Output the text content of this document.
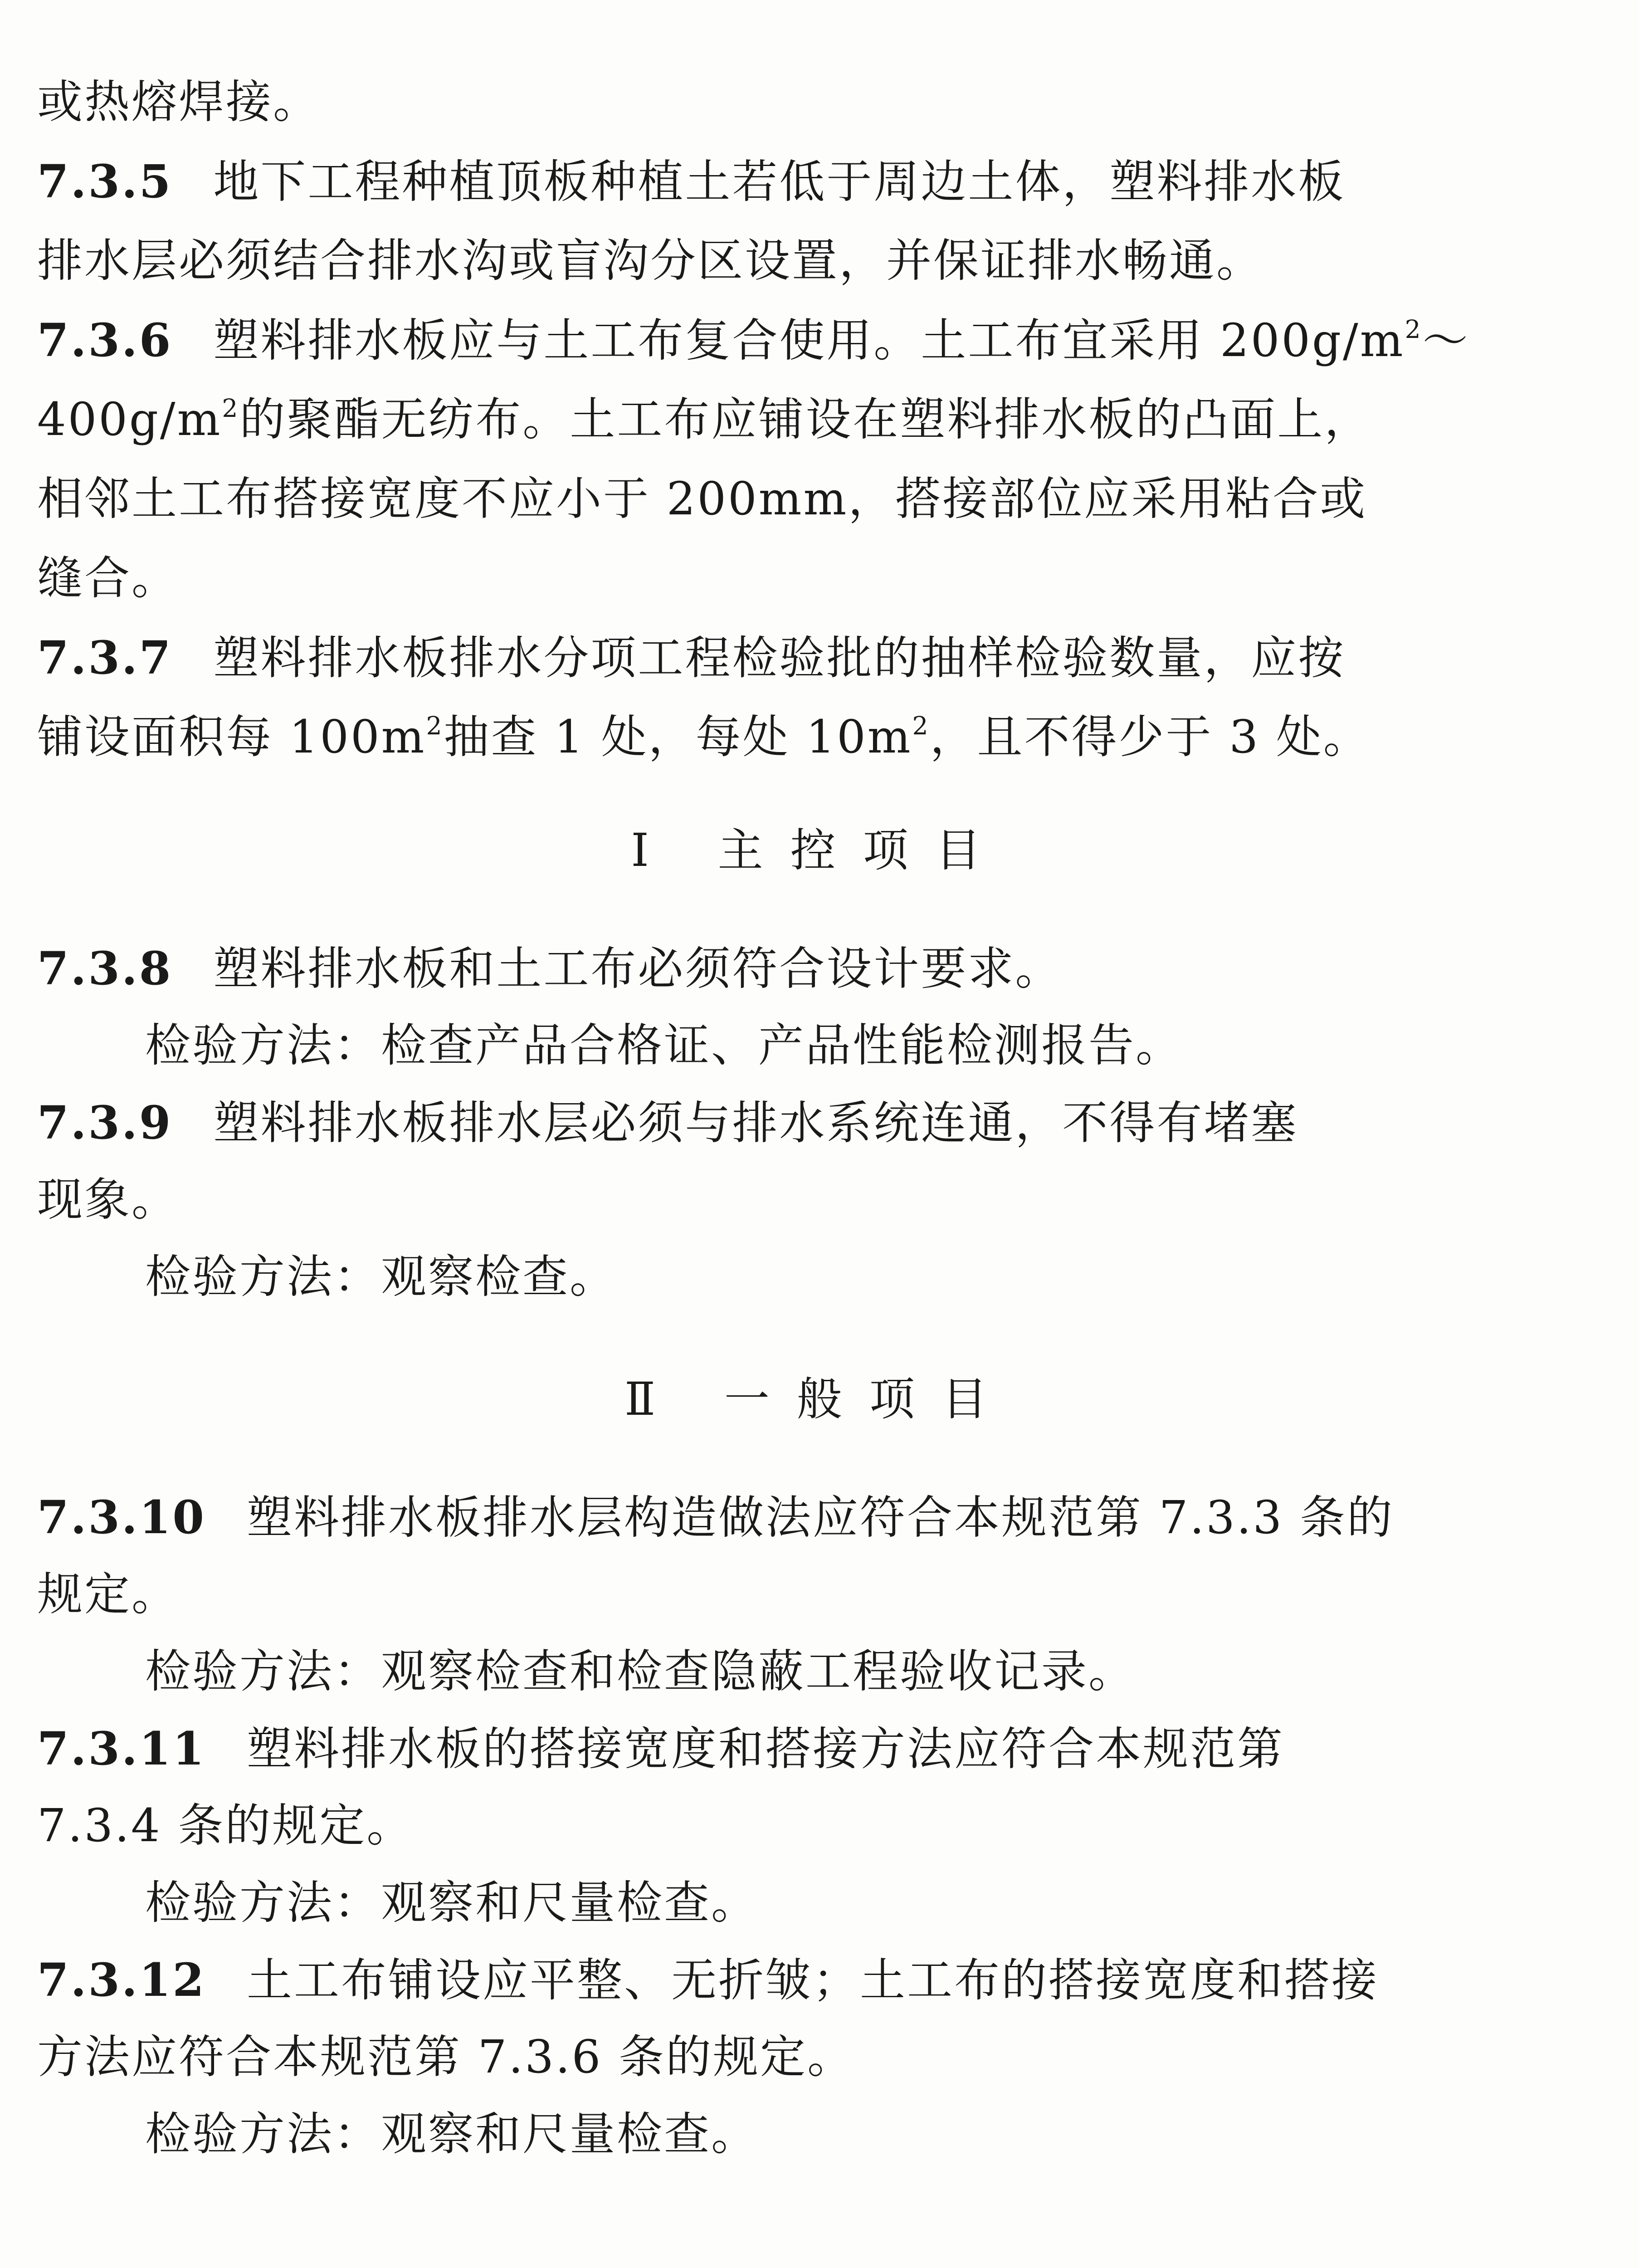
或热熔焊接。
7.3.5 地下工程种植顶板种植土若低于周边土体，塑料排水板
排水层必须结合排水沟或盲沟分区设置，并保证排水畅通。
7.3.6 塑料排水板应与土工布复合使用。土工布宜采用 $200g/m^2\sim$
$400g/m^2$的聚酯无纺布。土工布应铺设在塑料排水板的凸面上，
相邻土工布搭接宽度不应小于 200mm，搭接部位应采用粘合或
缝合。
7.3.7 塑料排水板排水分项工程检验批的抽样检验数量，应按
铺设面积每 $100m^2$抽查 1 处，每处 $10m^2$，且不得少于 3 处。
Ⅰ 主控项目
7.3.8 塑料排水板和土工布必须符合设计要求。
检验方法：检查产品合格证、产品性能检测报告。
7.3.9 塑料排水板排水层必须与排水系统连通，不得有堵塞
现象。
检验方法：观察检查。
Ⅱ 一般项目
7.3.10 塑料排水板排水层构造做法应符合本规范第 7.3.3 条的
规定。
检验方法：观察检查和检查隐蔽工程验收记录。
7.3.11 塑料排水板的搭接宽度和搭接方法应符合本规范第
7.3.4 条的规定。
检验方法：观察和尺量检查。
7.3.12 土工布铺设应平整、无折皱；土工布的搭接宽度和搭接
方法应符合本规范第 7.3.6 条的规定。
检验方法：观察和尺量检查。
